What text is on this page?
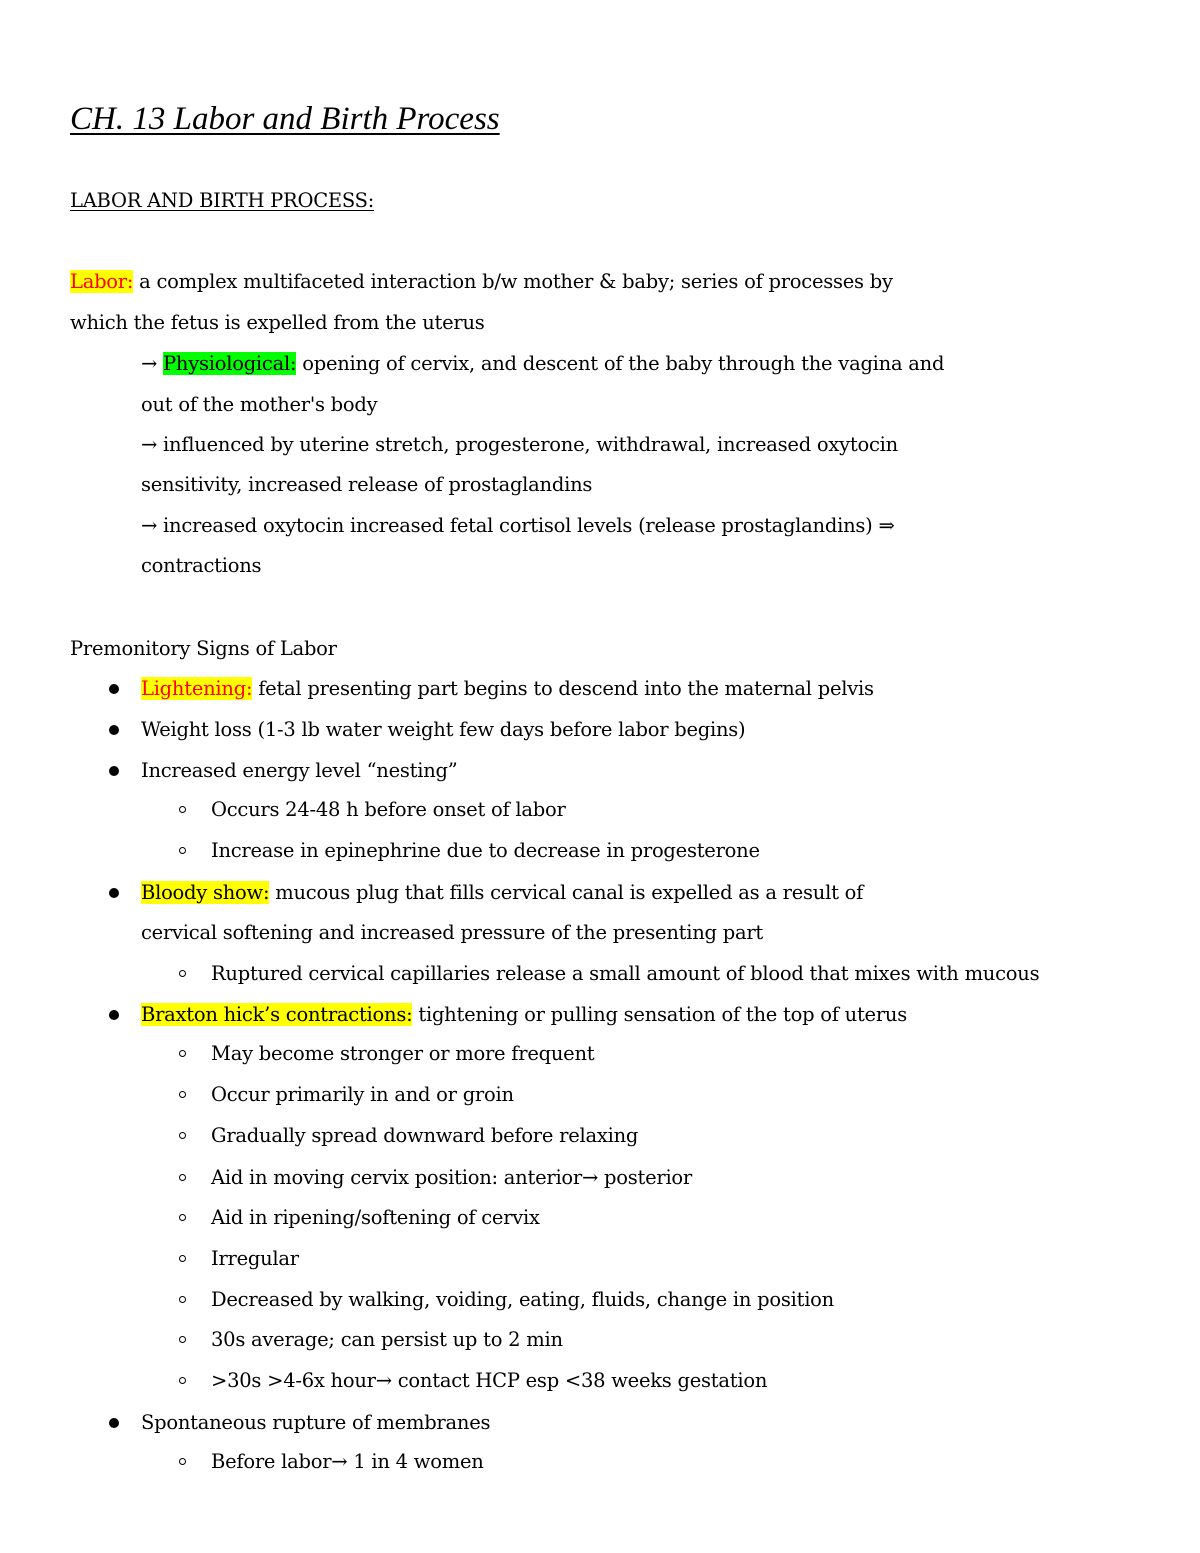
CH. 13 Labor and Birth Process
LABOR AND BIRTH PROCESS:
Labor: a complex multifaceted interaction b/w mother & baby; series of processes by
which the fetus is expelled from the uterus
→ Physiological: opening of cervix, and descent of the baby through the vagina and
out of the mother's body
→ influenced by uterine stretch, progesterone, withdrawal, increased oxytocin
sensitivity, increased release of prostaglandins
→ increased oxytocin increased fetal cortisol levels (release prostaglandins) ⇒
contractions
Premonitory Signs of Labor
Lightening: fetal presenting part begins to descend into the maternal pelvis
Weight loss (1-3 lb water weight few days before labor begins)
Increased energy level “nesting”
Occurs 24-48 h before onset of labor
Increase in epinephrine due to decrease in progesterone
Bloody show: mucous plug that fills cervical canal is expelled as a result of
cervical softening and increased pressure of the presenting part
Ruptured cervical capillaries release a small amount of blood that mixes with mucous
Braxton hick’s contractions: tightening or pulling sensation of the top of uterus
May become stronger or more frequent
Occur primarily in and or groin
Gradually spread downward before relaxing
Aid in moving cervix position: anterior→ posterior
Aid in ripening/softening of cervix
Irregular
Decreased by walking, voiding, eating, fluids, change in position
30s average; can persist up to 2 min
>30s >4-6x hour→ contact HCP esp <38 weeks gestation
Spontaneous rupture of membranes
Before labor→ 1 in 4 women
